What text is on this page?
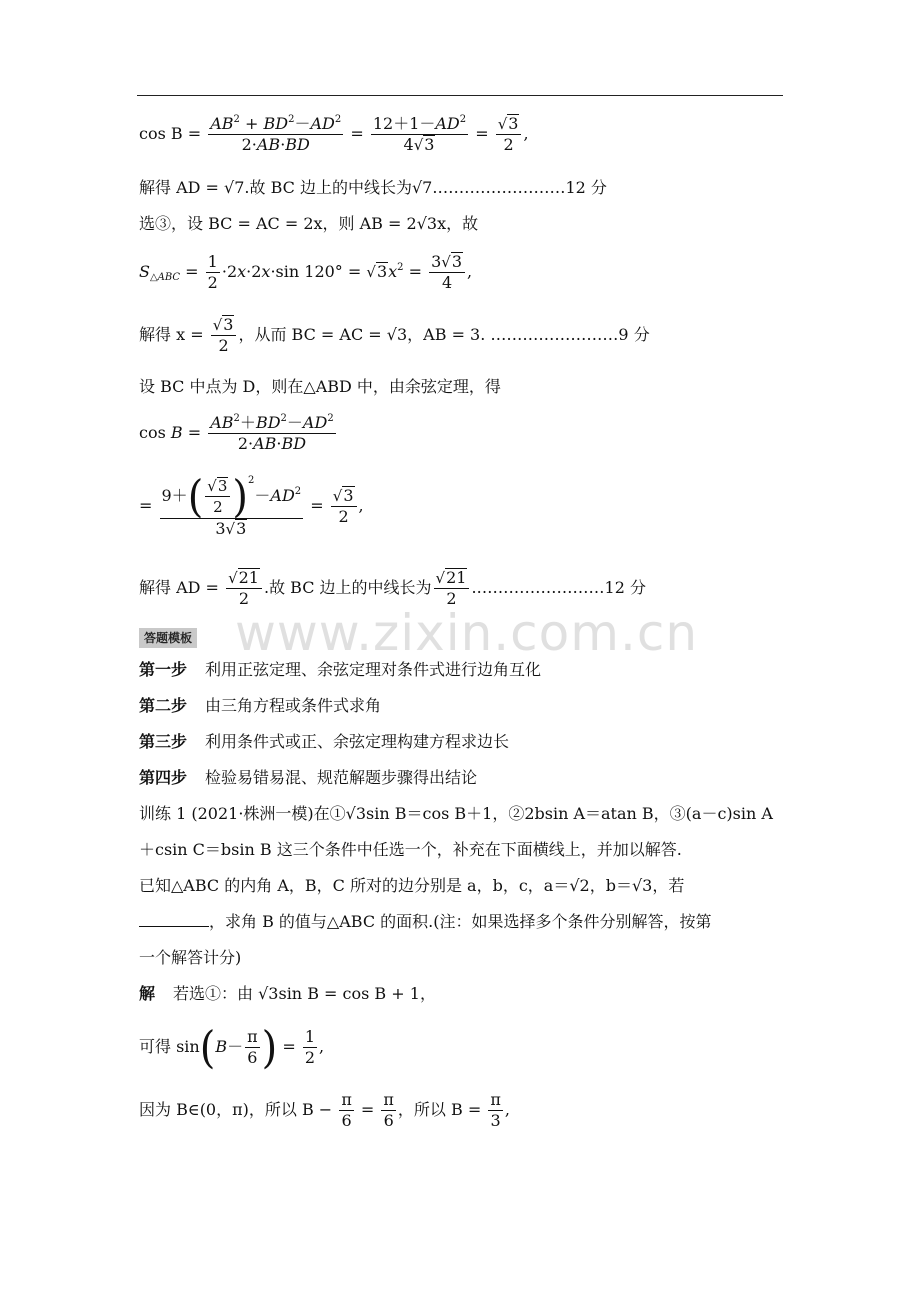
$\cos B = \frac{AB^2 + BD^2-AD^2}{2\cdot AB\cdot BD} = \frac{12+1-AD^2}{4√3} = \frac{√3}{2}$ ,
解得 AD = √7.故 BC 边上的中线长为√7.……………………12 分
选③，设 BC = AC = 2x，则 AB = 2√3x，故
$S_{\triangle ABC} = \frac{1}{2} \cdot 2x\cdot 2x\cdot\sin$ $120^\circ = √3x^2 = \frac{3√3}{4}$ ,
解得 $x = \frac{√3}{2}$ ，从而 BC = AC = √3，AB = 3. ……………………9 分
设 BC 中点为 D，则在△ABD 中，由余弦定理，得
$\cos B = \frac{AB^2+BD^2-AD^2}{2\cdot AB\cdot BD}$
= $\frac{9+( \frac{√3}{2} )^2-AD^2}{3√3} = \frac{√3}{2}$ ,
解得 AD = $\frac{√21}{2}$ .故 BC 边上的中线长为 $\frac{√21}{2}$ .……………………12 分
www.zixin.com.cn
答题模板
第一步 利用正弦定理、余弦定理对条件式进行边角互化
第二步 由三角方程或条件式求角
第三步 利用条件式或正、余弦定理构建方程求边长
第四步 检验易错易混、规范解题步骤得出结论
训练 1 (2021·株洲一模)在①√3sin B＝cos B＋1，②2bsin A＝atan B，③(a－c)sin A
＋csin C＝bsin B 这三个条件中任选一个，补充在下面横线上，并加以解答.
已知△ABC 的内角 A，B，C 所对的边分别是 a，b，c，a＝√2，b＝√3，若
，求角 B 的值与△ABC 的面积.(注：如果选择多个条件分别解答，按第
一个解答计分)
解 若选①：由 √3sin B = cos B + 1，
可得 $\sin(B- \frac{\pi}{6}$ ) = $\frac{1}{2}$ ,
因为 B∈(0，π)，所以 $B - \frac{\pi}{6} = \frac{\pi}{6}$ ，所以 $B = \frac{\pi}{3}$ ,
